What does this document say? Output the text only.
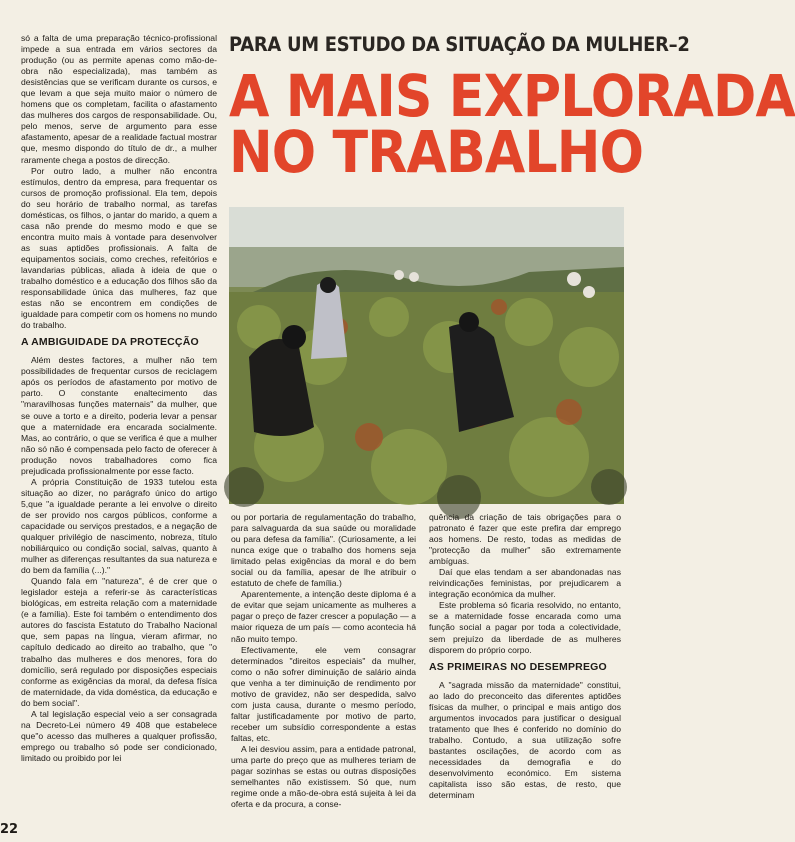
só a falta de uma preparação técnico-profissional impede a sua entrada em vários sectores da produção (ou as permite apenas como mão-de-obra não especializada), mas também as desistências que se verificam durante os cursos, e que levam a que seja muito maior o número de homens que os completam, facilita o afastamento das mulheres dos cargos de responsabilidade. Ou, pelo menos, serve de argumento para esse afastamento, apesar de a realidade factual mostrar que, mesmo dispondo do título de dr., a mulher raramente chega a postos de direcção.

Por outro lado, a mulher não encontra estímulos, dentro da empresa, para frequentar os cursos de promoção profissional. Ela tem, depois do seu horário de trabalho normal, as tarefas domésticas, os filhos, o jantar do marido, a quem a casa não prende do mesmo modo e que se encontra muito mais à vontade para desenvolver as suas aptidões profissionais. A falta de equipamentos sociais, como creches, refeitórios e lavandarias públicas, aliada à ideia de que o trabalho doméstico e a educação dos filhos são da responsabilidade única das mulheres, faz que estas não se encontrem em condições de igualdade para competir com os homens no mundo do trabalho.

A AMBIGUIDADE DA PROTECÇÃO

Além destes factores, a mulher não tem possibilidades de frequentar cursos de reciclagem após os períodos de afastamento por motivo de parto. O constante enaltecimento das "maravilhosas funções maternais" da mulher, que se ouve a torto e a direito, poderia levar a pensar que a maternidade era encarada socialmente. Mas, ao contrário, o que se verifica é que a mulher não só não é compensada pelo facto de oferecer à produção novos trabalhadores como fica prejudicada profissionalmente por esse facto.

A própria Constituição de 1933 tutelou esta situação ao dizer, no parágrafo único do artigo 5,que "a igualdade perante a lei envolve o direito de ser provido nos cargos públicos, conforme a capacidade ou serviços prestados, e a negação de qualquer privilégio de nascimento, nobreza, título nobiliárquico ou condição social, salvas, quanto à mulher as diferenças resultantes da sua natureza e do bem da família (...)."

Quando fala em "natureza", é de crer que o legislador esteja a referir-se às características biológicas, em estreita relação com a maternidade (e a família). Este foi também o entendimento dos autores do fascista Estatuto do Trabalho Nacional que, sem papas na língua, vieram afirmar, no capítulo dedicado ao direito ao trabalho, que "o trabalho das mulheres e dos menores, fora do domicílio, será regulado por disposições especiais conforme as exigências da moral, da defesa física de maternidade, da vida doméstica, da educação e do bem social".

A tal legislação especial veio a ser consagrada na Decreto-Lei número 49 408 que estabelece que"o acesso das mulheres a qualquer profissão, emprego ou trabalho só pode ser condicionado, limitado ou proibido por lei

PARA UM ESTUDO DA SITUAÇÃO DA MULHER–2
A MAIS EXPLORADA
NO TRABALHO

ou por portaria de regulamentação do trabalho, para salvaguarda da sua saúde ou moralidade ou para defesa da família". (Curiosamente, a lei nunca exige que o trabalho dos homens seja limitado pelas exigências da moral e do bem social ou da família, apesar de lhe atribuir o estatuto de chefe de família.)

Aparentemente, a intenção deste diploma é a de evitar que sejam unicamente as mulheres a pagar o preço de fazer crescer a população — a maior riqueza de um país — como acontecia há não muito tempo.

Efectivamente, ele vem consagrar determinados "direitos especiais" da mulher, como o não sofrer diminuição de salário ainda que venha a ter diminuição de rendimento por motivo de gravidez, não ser despedida, salvo com justa causa, durante o mesmo período, faltar justificadamente por motivo de parto, receber um subsídio correspondente a estas faltas, etc.

A lei desviou assim, para a entidade patronal, uma parte do preço que as mulheres teriam de pagar sozinhas se estas ou outras disposições semelhantes não existissem. Só que, num regime onde a mão-de-obra está sujeita à lei da oferta e da procura, a conse-

quência da criação de tais obrigações para o patronato é fazer que este prefira dar emprego aos homens. De resto, todas as medidas de "protecção da mulher" são extremamente ambíguas.

Daí que elas tendam a ser abandonadas nas reivindicações feministas, por prejudicarem a integração económica da mulher.

Este problema só ficaria resolvido, no entanto, se a maternidade fosse encarada como uma função social a pagar por toda a colectividade, sem prejuízo da liberdade de as mulheres disporem do próprio corpo.

AS PRIMEIRAS NO DESEMPREGO

A "sagrada missão da maternidade" constitui, ao lado do preconceito das diferentes aptidões físicas da mulher, o principal e mais antigo dos argumentos invocados para justificar o desigual tratamento que lhes é conferido no domínio do trabalho. Contudo, a sua utilização sofre bastantes oscilações, de acordo com as necessidades da demografia e do desenvolvimento económico. Em sistema capitalista isso são estas, de resto, que determinam

22
